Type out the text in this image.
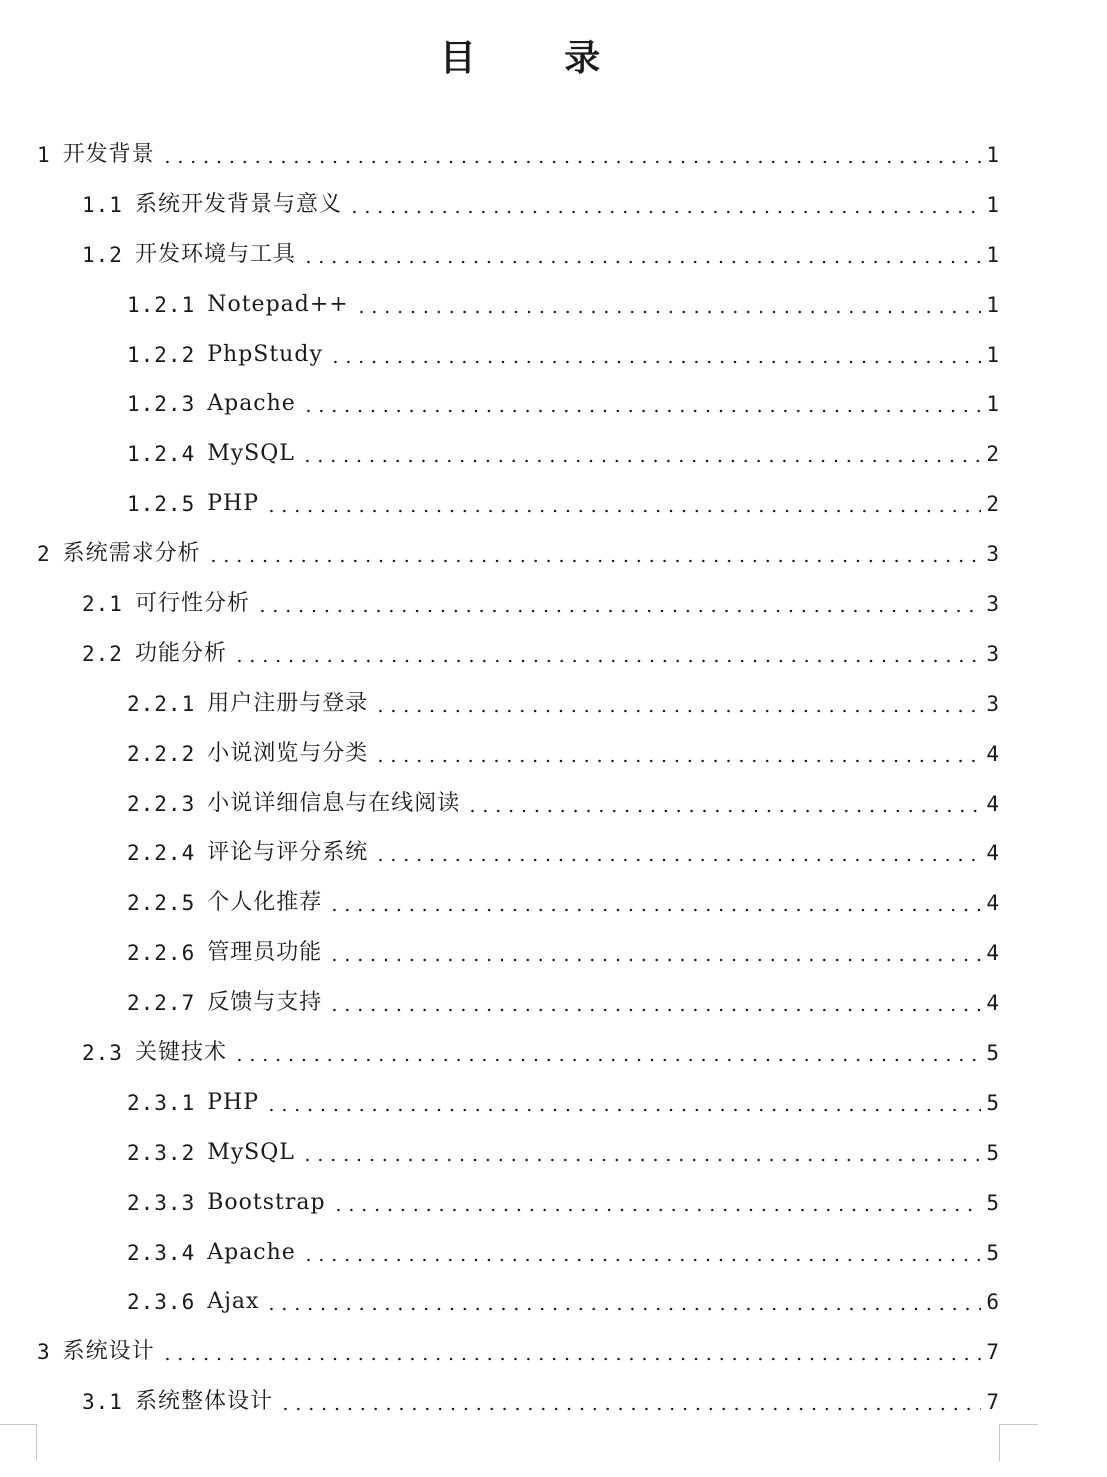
目 录
1 开发背景	1
1.1 系统开发背景与意义	1
1.2 开发环境与工具	1
1.2.1 Notepad++	1
1.2.2 PhpStudy	1
1.2.3 Apache	1
1.2.4 MySQL	2
1.2.5 PHP	2
2 系统需求分析	3
2.1 可行性分析	3
2.2 功能分析	3
2.2.1 用户注册与登录	3
2.2.2 小说浏览与分类	4
2.2.3 小说详细信息与在线阅读	4
2.2.4 评论与评分系统	4
2.2.5 个人化推荐	4
2.2.6 管理员功能	4
2.2.7 反馈与支持	4
2.3 关键技术	5
2.3.1 PHP	5
2.3.2 MySQL	5
2.3.3 Bootstrap	5
2.3.4 Apache	5
2.3.6 Ajax	6
3 系统设计	7
3.1 系统整体设计	7
